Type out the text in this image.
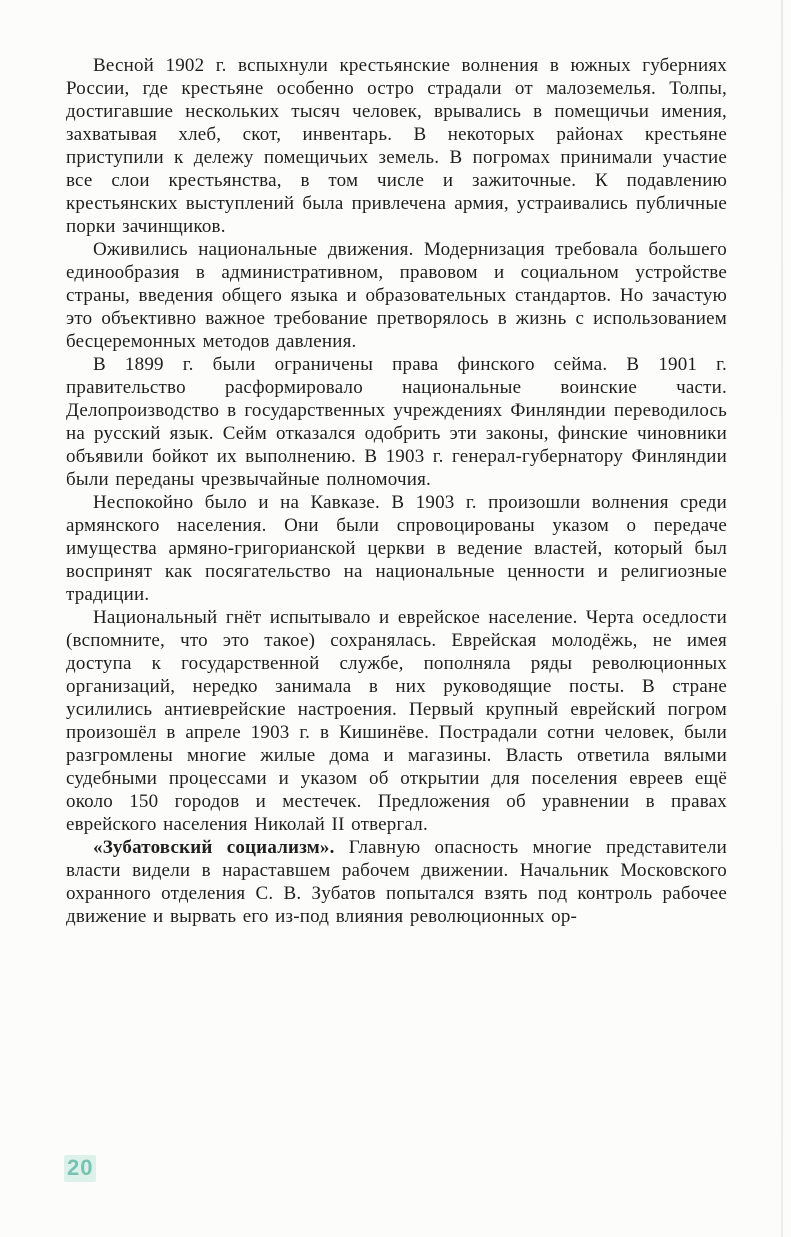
Весной 1902 г. вспыхнули крестьянские волнения в южных губерниях России, где крестьяне особенно остро страдали от малоземелья. Толпы, достигавшие нескольких тысяч человек, врывались в помещичьи имения, захватывая хлеб, скот, инвентарь. В некоторых районах крестьяне приступили к дележу помещичьих земель. В погромах принимали участие все слои крестьянства, в том числе и зажиточные. К подавлению крестьянских выступлений была привлечена армия, устраивались публичные порки зачинщиков.

Оживились национальные движения. Модернизация требовала большего единообразия в административном, правовом и социальном устройстве страны, введения общего языка и образовательных стандартов. Но зачастую это объективно важное требование претворялось в жизнь с использованием бесцеремонных методов давления.

В 1899 г. были ограничены права финского сейма. В 1901 г. правительство расформировало национальные воинские части. Делопроизводство в государственных учреждениях Финляндии переводилось на русский язык. Сейм отказался одобрить эти законы, финские чиновники объявили бойкот их выполнению. В 1903 г. генерал-губернатору Финляндии были переданы чрезвычайные полномочия.

Неспокойно было и на Кавказе. В 1903 г. произошли волнения среди армянского населения. Они были спровоцированы указом о передаче имущества армяно-григорианской церкви в ведение властей, который был воспринят как посягательство на национальные ценности и религиозные традиции.

Национальный гнёт испытывало и еврейское население. Черта оседлости (вспомните, что это такое) сохранялась. Еврейская молодёжь, не имея доступа к государственной службе, пополняла ряды революционных организаций, нередко занимала в них руководящие посты. В стране усилились антиеврейские настроения. Первый крупный еврейский погром произошёл в апреле 1903 г. в Кишинёве. Пострадали сотни человек, были разгромлены многие жилые дома и магазины. Власть ответила вялыми судебными процессами и указом об открытии для поселения евреев ещё около 150 городов и местечек. Предложения об уравнении в правах еврейского населения Николай II отвергал.

«Зубатовский социализм». Главную опасность многие представители власти видели в нараставшем рабочем движении. Начальник Московского охранного отделения С. В. Зубатов попытался взять под контроль рабочее движение и вырвать его из-под влияния революционных ор-

20
